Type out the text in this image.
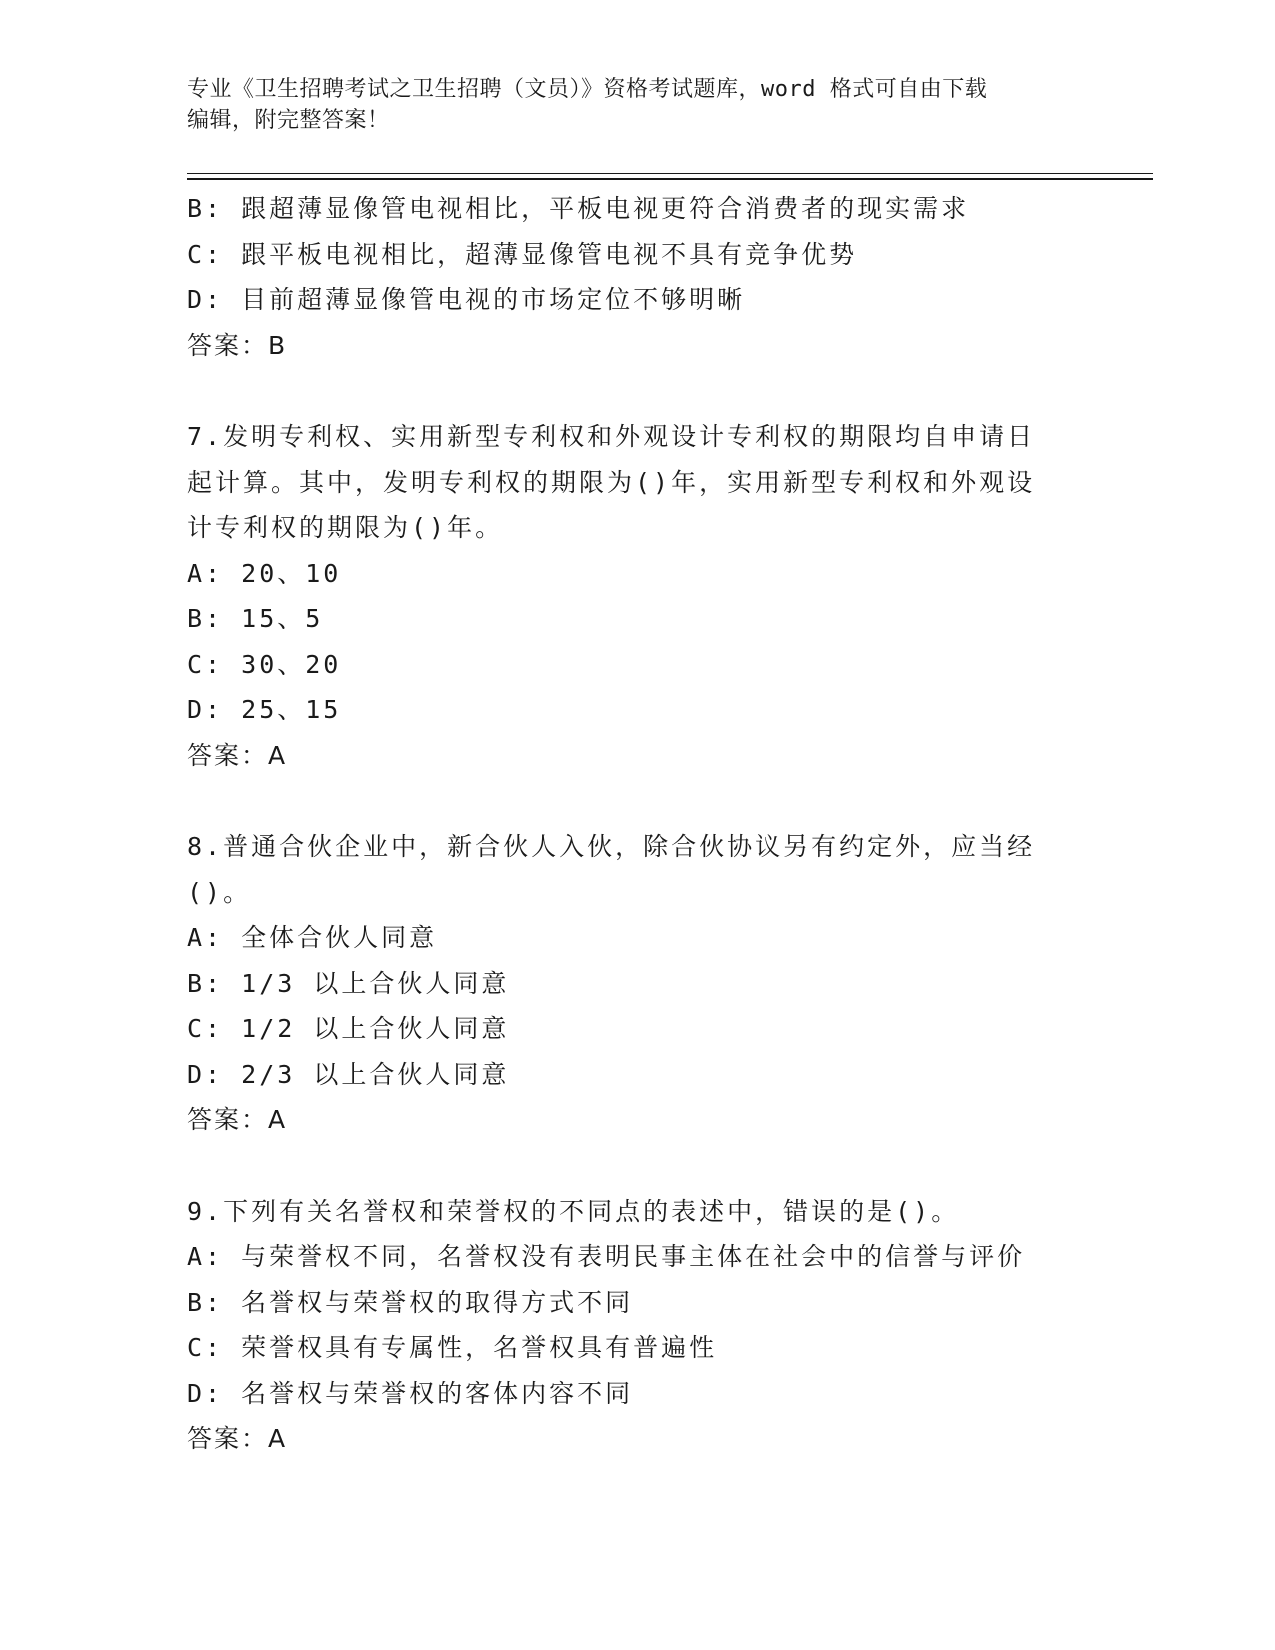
专业《卫生招聘考试之卫生招聘（文员）》资格考试题库，word 格式可自由下载
编辑，附完整答案！
B: 跟超薄显像管电视相比，平板电视更符合消费者的现实需求
C: 跟平板电视相比，超薄显像管电视不具有竞争优势
D: 目前超薄显像管电视的市场定位不够明晰
答案：B
7.发明专利权、实用新型专利权和外观设计专利权的期限均自申请日
起计算。其中，发明专利权的期限为()年，实用新型专利权和外观设
计专利权的期限为()年。
A: 20、10
B: 15、5
C: 30、20
D: 25、15
答案：A
8.普通合伙企业中，新合伙人入伙，除合伙协议另有约定外，应当经
()。
A: 全体合伙人同意
B: 1/3 以上合伙人同意
C: 1/2 以上合伙人同意
D: 2/3 以上合伙人同意
答案：A
9.下列有关名誉权和荣誉权的不同点的表述中，错误的是()。
A: 与荣誉权不同，名誉权没有表明民事主体在社会中的信誉与评价
B: 名誉权与荣誉权的取得方式不同
C: 荣誉权具有专属性，名誉权具有普遍性
D: 名誉权与荣誉权的客体内容不同
答案：A
